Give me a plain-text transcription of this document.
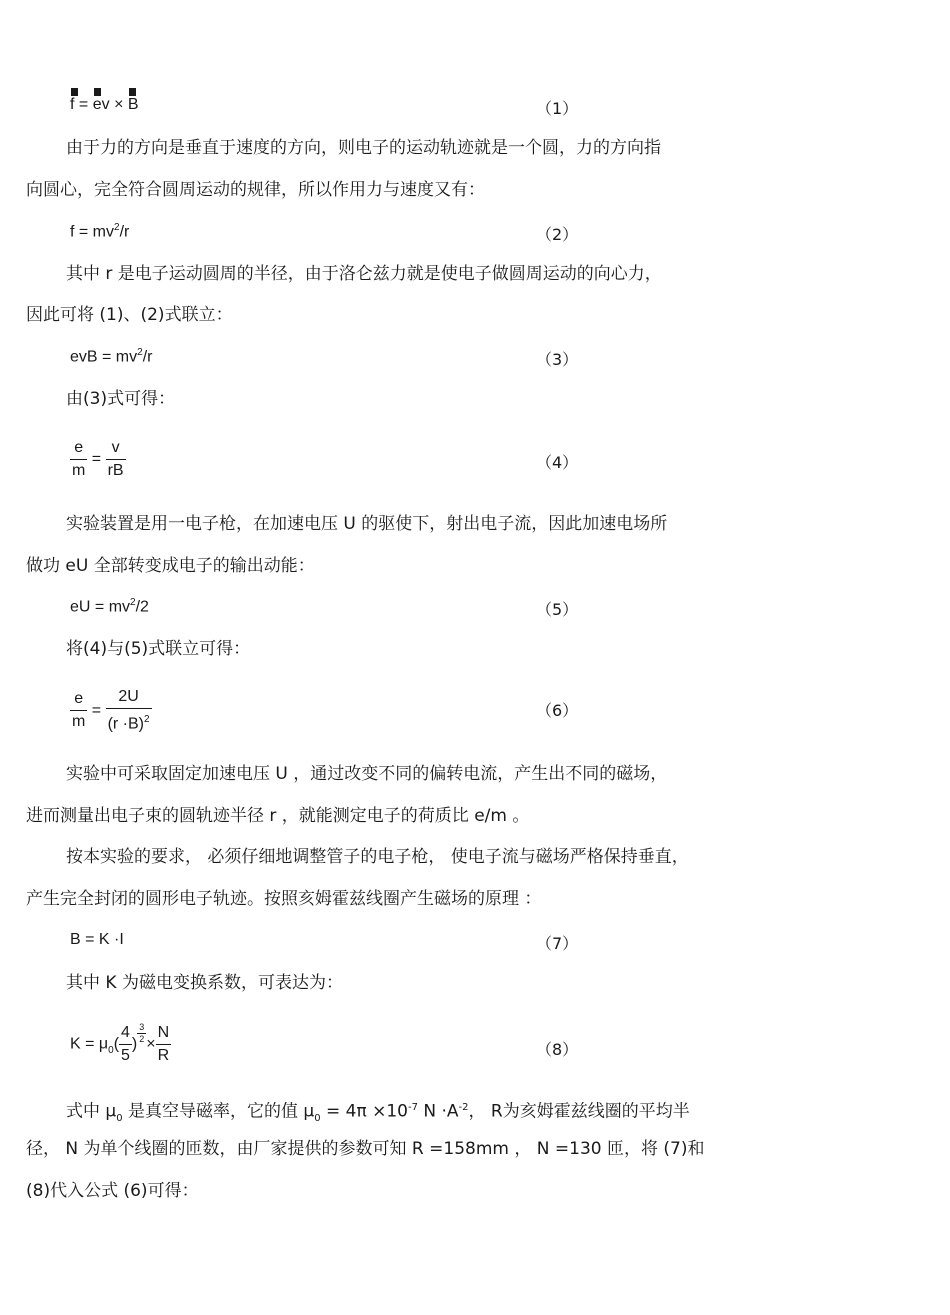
f = ev × B	（1）
由于力的方向是垂直于速度的方向，则电子的运动轨迹就是一个圆，力的方向指
向圆心，完全符合圆周运动的规律，所以作用力与速度又有：
$f = mv^2/r$	（2）
其中 r 是电子运动圆周的半径，由于洛仑兹力就是使电子做圆周运动的向心力，
因此可将 (1)、(2)式联立：
evB = $mv^2/r$	（3）
由(3)式可得：
$\frac{e}{m} = \frac{v}{rB}$	（4）
实验装置是用一电子枪，在加速电压 U 的驱使下，射出电子流，因此加速电场所
做功 eU 全部转变成电子的输出动能：
eU = $mv^2/2$	（5）
将(4)与(5)式联立可得：
$\frac{e}{m} = \frac{2U}{(r \cdot B)^2}$	（6）
实验中可采取固定加速电压 U ，通过改变不同的偏转电流，产生出不同的磁场，
进而测量出电子束的圆轨迹半径 r ，就能测定电子的荷质比 e/m 。
按本实验的要求， 必须仔细地调整管子的电子枪， 使电子流与磁场严格保持垂直，
产生完全封闭的圆形电子轨迹。按照亥姆霍兹线圈产生磁场的原理 ：
B = K ·I	（7）
其中 K 为磁电变换系数，可表达为：
$K = \mu_0( \frac{4}{5}$ ) $\frac{3}{2} \times \frac{N}{R}$	（8）
式中 $\mu_0$ 是真空导磁率，它的值 $\mu_0 = 4\pi \times 10^{-7}$ $N \cdot A^{-2}$， R为亥姆霍兹线圈的平均半
径， N 为单个线圈的匝数，由厂家提供的参数可知 R =158mm ， N =130 匝，将 (7)和
(8)代入公式 (6)可得：
